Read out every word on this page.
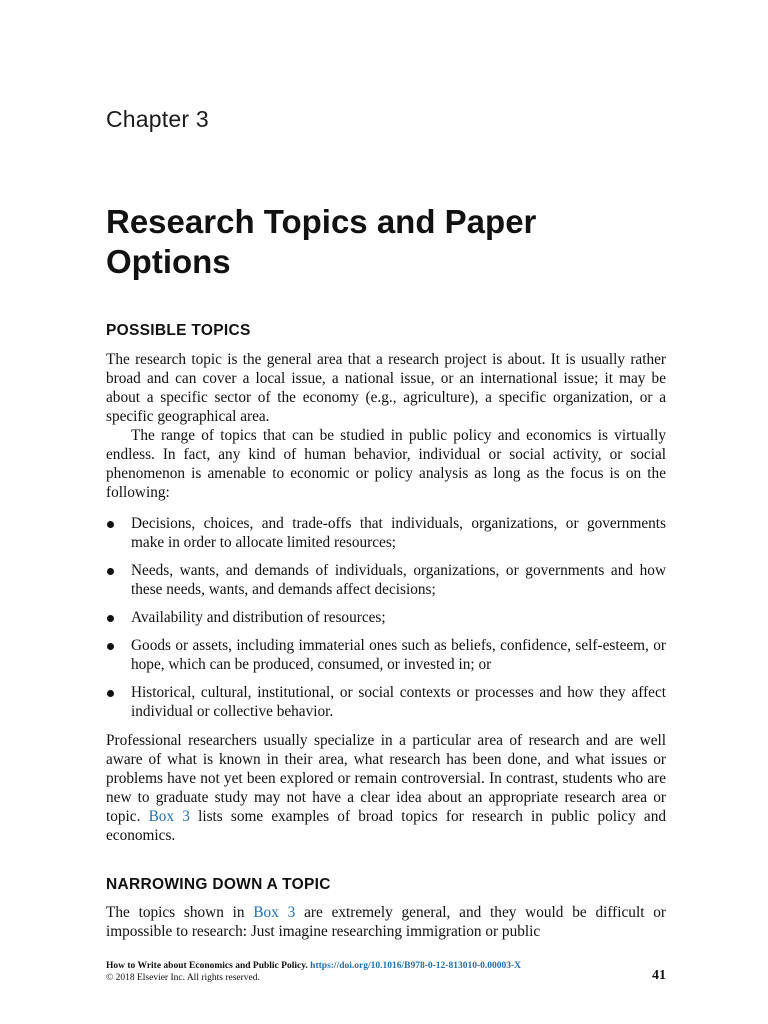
Chapter 3
Research Topics and Paper Options
POSSIBLE TOPICS

The research topic is the general area that a research project is about. It is usually rather broad and can cover a local issue, a national issue, or an international issue; it may be about a specific sector of the economy (e.g., agriculture), a specific organization, or a specific geographical area.

The range of topics that can be studied in public policy and economics is virtually endless. In fact, any kind of human behavior, individual or social activity, or social phenomenon is amenable to economic or policy analysis as long as the focus is on the following:

Decisions, choices, and trade-offs that individuals, organizations, or governments make in order to allocate limited resources;
Needs, wants, and demands of individuals, organizations, or governments and how these needs, wants, and demands affect decisions;
Availability and distribution of resources;
Goods or assets, including immaterial ones such as beliefs, confidence, self-esteem, or hope, which can be produced, consumed, or invested in; or
Historical, cultural, institutional, or social contexts or processes and how they affect individual or collective behavior.

Professional researchers usually specialize in a particular area of research and are well aware of what is known in their area, what research has been done, and what issues or problems have not yet been explored or remain controversial. In contrast, students who are new to graduate study may not have a clear idea about an appropriate research area or topic. Box 3 lists some examples of broad topics for research in public policy and economics.

NARROWING DOWN A TOPIC

The topics shown in Box 3 are extremely general, and they would be difficult or impossible to research: Just imagine researching immigration or public

How to Write about Economics and Public Policy. https://doi.org/10.1016/B978-0-12-813010-0.00003-X
© 2018 Elsevier Inc. All rights reserved.	41
